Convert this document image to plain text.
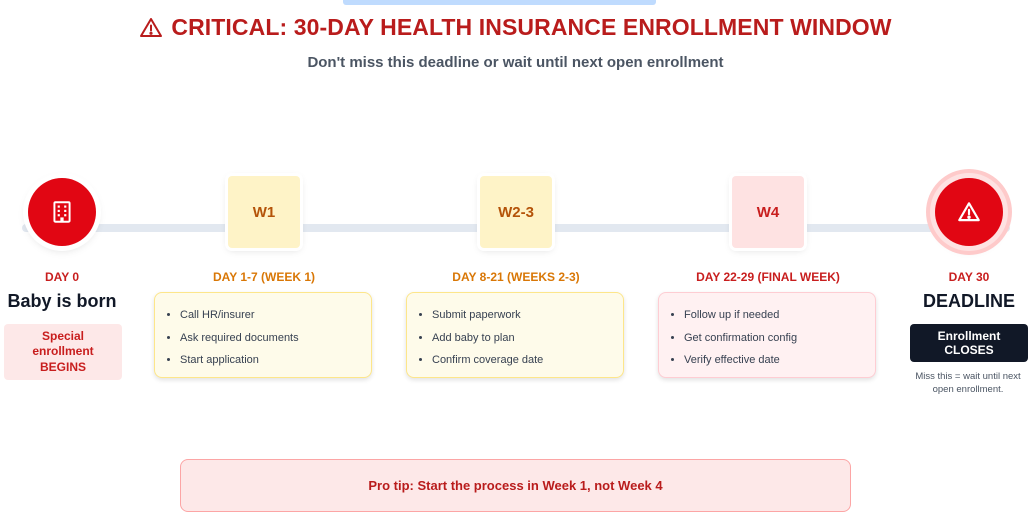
CRITICAL: 30-DAY HEALTH INSURANCE ENROLLMENT WINDOW
Don't miss this deadline or wait until next open enrollment
W1	W2-3	W4
DAY 0	DAY 1-7 (WEEK 1)	DAY 8-21 (WEEKS 2-3)	DAY 22-29 (FINAL WEEK)	DAY 30
Baby is born	DEADLINE
Special
enrollment
BEGINS
• Call HR/insurer
• Ask required documents
• Start application
• Submit paperwork
• Add baby to plan
• Confirm coverage date
• Follow up if needed
• Get confirmation config
• Verify effective date
Enrollment
CLOSES
Miss this = wait until next
open enrollment.
Pro tip: Start the process in Week 1, not Week 4
